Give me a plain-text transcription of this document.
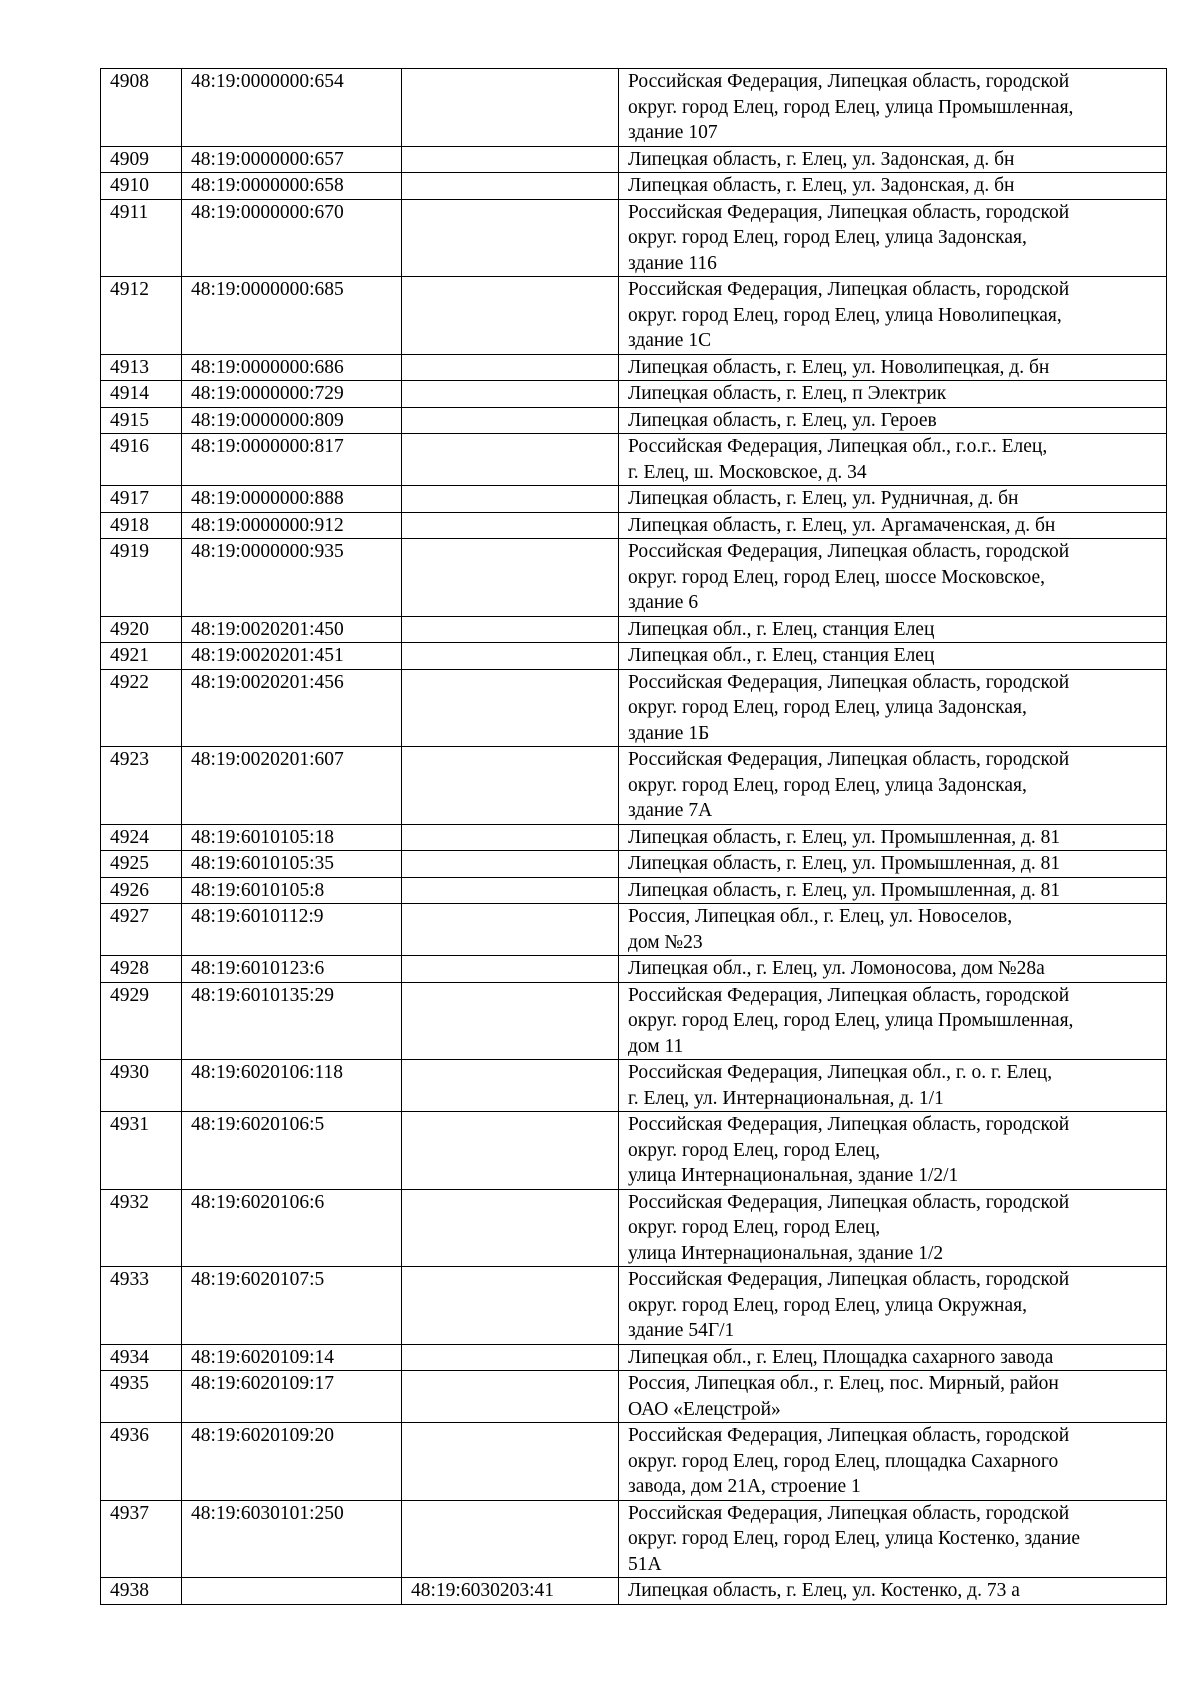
4908	48:19:0000000:654		Российская Федерация, Липецкая область, городской
округ. город Елец, город Елец, улица Промышленная,
здание 107
4909	48:19:0000000:657		Липецкая область, г. Елец, ул. Задонская, д. бн
4910	48:19:0000000:658		Липецкая область, г. Елец, ул. Задонская, д. бн
4911	48:19:0000000:670		Российская Федерация, Липецкая область, городской
округ. город Елец, город Елец, улица Задонская,
здание 116
4912	48:19:0000000:685		Российская Федерация, Липецкая область, городской
округ. город Елец, город Елец, улица Новолипецкая,
здание 1С
4913	48:19:0000000:686		Липецкая область, г. Елец, ул. Новолипецкая, д. бн
4914	48:19:0000000:729		Липецкая область, г. Елец, п Электрик
4915	48:19:0000000:809		Липецкая область, г. Елец, ул. Героев
4916	48:19:0000000:817		Российская Федерация, Липецкая обл., г.о.г.. Елец,
г. Елец, ш. Московское, д. 34
4917	48:19:0000000:888		Липецкая область, г. Елец, ул. Рудничная, д. бн
4918	48:19:0000000:912		Липецкая область, г. Елец, ул. Аргамаченская, д. бн
4919	48:19:0000000:935		Российская Федерация, Липецкая область, городской
округ. город Елец, город Елец, шоссе Московское,
здание 6
4920	48:19:0020201:450		Липецкая обл., г. Елец, станция Елец
4921	48:19:0020201:451		Липецкая обл., г. Елец, станция Елец
4922	48:19:0020201:456		Российская Федерация, Липецкая область, городской
округ. город Елец, город Елец, улица Задонская,
здание 1Б
4923	48:19:0020201:607		Российская Федерация, Липецкая область, городской
округ. город Елец, город Елец, улица Задонская,
здание 7А
4924	48:19:6010105:18		Липецкая область, г. Елец, ул. Промышленная, д. 81
4925	48:19:6010105:35		Липецкая область, г. Елец, ул. Промышленная, д. 81
4926	48:19:6010105:8		Липецкая область, г. Елец, ул. Промышленная, д. 81
4927	48:19:6010112:9		Россия, Липецкая обл., г. Елец, ул. Новоселов,
дом №23
4928	48:19:6010123:6		Липецкая обл., г. Елец, ул. Ломоносова, дом №28а
4929	48:19:6010135:29		Российская Федерация, Липецкая область, городской
округ. город Елец, город Елец, улица Промышленная,
дом 11
4930	48:19:6020106:118		Российская Федерация, Липецкая обл., г. о. г. Елец,
г. Елец, ул. Интернациональная, д. 1/1
4931	48:19:6020106:5		Российская Федерация, Липецкая область, городской
округ. город Елец, город Елец,
улица Интернациональная, здание 1/2/1
4932	48:19:6020106:6		Российская Федерация, Липецкая область, городской
округ. город Елец, город Елец,
улица Интернациональная, здание 1/2
4933	48:19:6020107:5		Российская Федерация, Липецкая область, городской
округ. город Елец, город Елец, улица Окружная,
здание 54Г/1
4934	48:19:6020109:14		Липецкая обл., г. Елец, Площадка сахарного завода
4935	48:19:6020109:17		Россия, Липецкая обл., г. Елец, пос. Мирный, район
ОАО «Елецстрой»
4936	48:19:6020109:20		Российская Федерация, Липецкая область, городской
округ. город Елец, город Елец, площадка Сахарного
завода, дом 21А, строение 1
4937	48:19:6030101:250		Российская Федерация, Липецкая область, городской
округ. город Елец, город Елец, улица Костенко, здание
51А
4938		48:19:6030203:41	Липецкая область, г. Елец, ул. Костенко, д. 73 а
